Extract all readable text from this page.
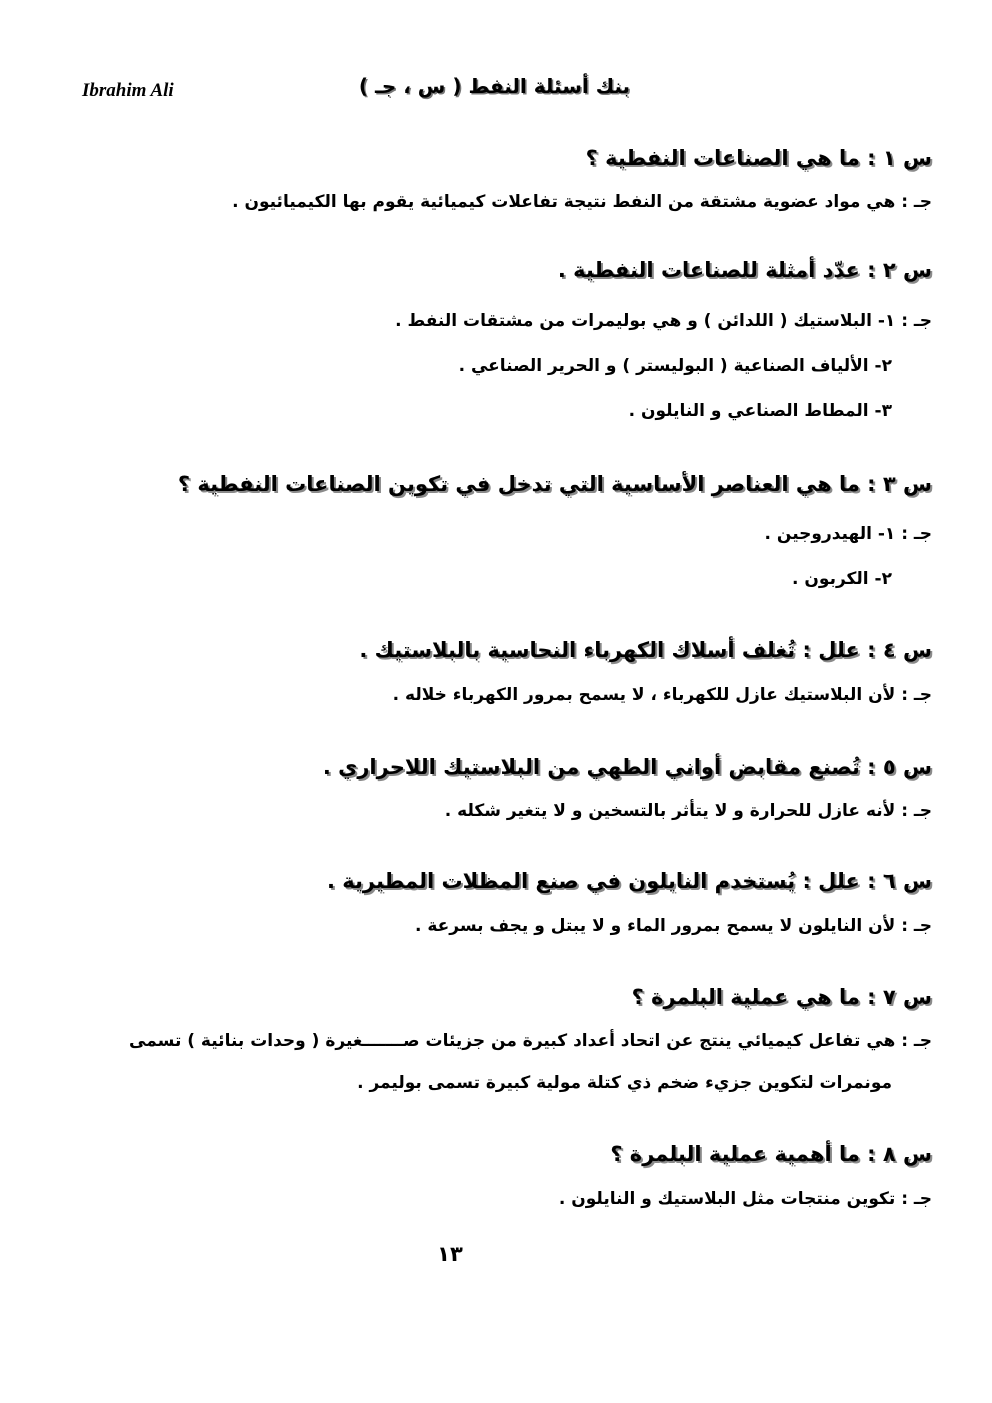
Ibrahim Ali	بنك أسئلة النفط ( س ، جـ )
س ١ : ما هي الصناعات النفطية ؟
جـ : هي مواد عضوية مشتقة من النفط نتيجة تفاعلات كيميائية يقوم بها الكيميائيون .
س ٢ : عدّد أمثلة للصناعات النفطية .
جـ : ١- البلاستيك ( اللدائن ) و هي بوليمرات من مشتقات النفط .
٢- الألياف الصناعية ( البوليستر ) و الحرير الصناعي .
٣- المطاط الصناعي و النايلون .
س ٣ : ما هي العناصر الأساسية التي تدخل في تكوين الصناعات النفطية ؟
جـ : ١- الهيدروجين .
٢- الكربون .
س ٤ : علل : تُغلف أسلاك الكهرباء النحاسية بالبلاستيك .
جـ : لأن البلاستيك عازل للكهرباء ، لا يسمح بمرور الكهرباء خلاله .
س ٥ : تُصنع مقابض أواني الطهي من البلاستيك اللاحراري .
جـ : لأنه عازل للحرارة و لا يتأثر بالتسخين و لا يتغير شكله .
س ٦ : علل : يُستخدم النايلون في صنع المظلات المطيرية .
جـ : لأن النايلون لا يسمح بمرور الماء و لا يبتل و يجف بسرعة .
س ٧ : ما هي عملية البلمرة ؟
جـ : هي تفاعل كيميائي ينتج عن اتحاد أعداد كبيرة من جزيئات صـــــــغيرة ( وحدات بنائية ) تسمى
مونمرات لتكوين جزيء ضخم ذي كتلة مولية كبيرة تسمى بوليمر .
س ٨ : ما أهمية عملية البلمرة ؟
جـ : تكوين منتجات مثل البلاستيك و النايلون .
١٣
